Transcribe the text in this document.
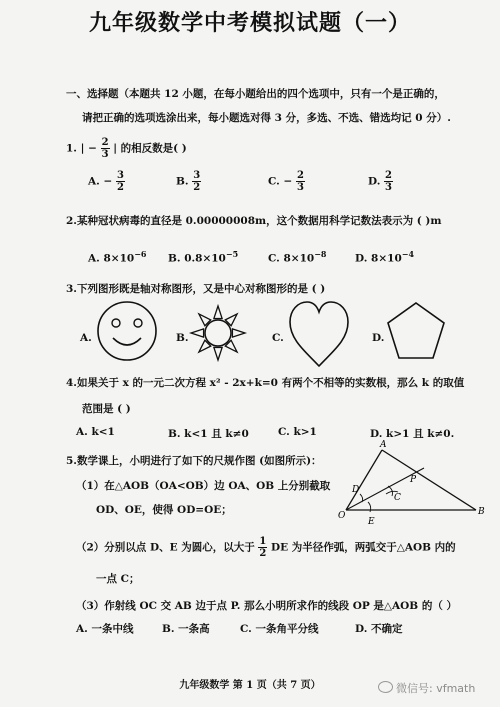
九年级数学中考模拟试题（一）
一、选择题（本题共 12 小题，在每小题给出的四个选项中，只有一个是正确的，
请把正确的选项选涂出来，每小题选对得 3 分，多选、不选、错选均记 0 分）.
1. | − $\frac{2}{3}$ | 的相反数是( )
A. − $\frac{3}{2}$	B. $\frac{3}{2}$	C. − $\frac{2}{3}$	D. $\frac{2}{3}$
2.某种冠状病毒的直径是 0.00000008m，这个数据用科学记数法表示为 ( )m
A. $8\times 10^{-6}$ B. $0.8\times 10^{-5}$	C. $8\times 10^{-8}$	D. $8\times 10^{-4}$
3.下列图形既是轴对称图形，又是中心对称图形的是 ( )
A.	B.	C.	D.
4.如果关于 x 的一元二次方程 x² - 2x+k=0 有两个不相等的实数根，那么 k 的取值
范围是 ( )
A. k<1	B. k<1 且 k≠0	C. k>1	D. k>1 且 k≠0.
5.数学课上，小明进行了如下的尺规作图 (如图所示)：
（1）在△AOB（OA<OB）边 OA、OB 上分别截取
OD、OE，使得 OD=OE；
A
B
O
D
E
C
P
（2）分别以点 D、E 为圆心，以大于 $\frac{1}{2}$ DE 为半径作弧，两弧交于△AOB 内的
一点 C；
（3）作射线 OC 交 AB 边于点 P. 那么小明所求作的线段 OP 是△AOB 的（ ）
A. 一条中线	B. 一条高	C. 一条角平分线	D. 不确定
九年级数学 第 1 页（共 7 页）	微信号: vfmath
